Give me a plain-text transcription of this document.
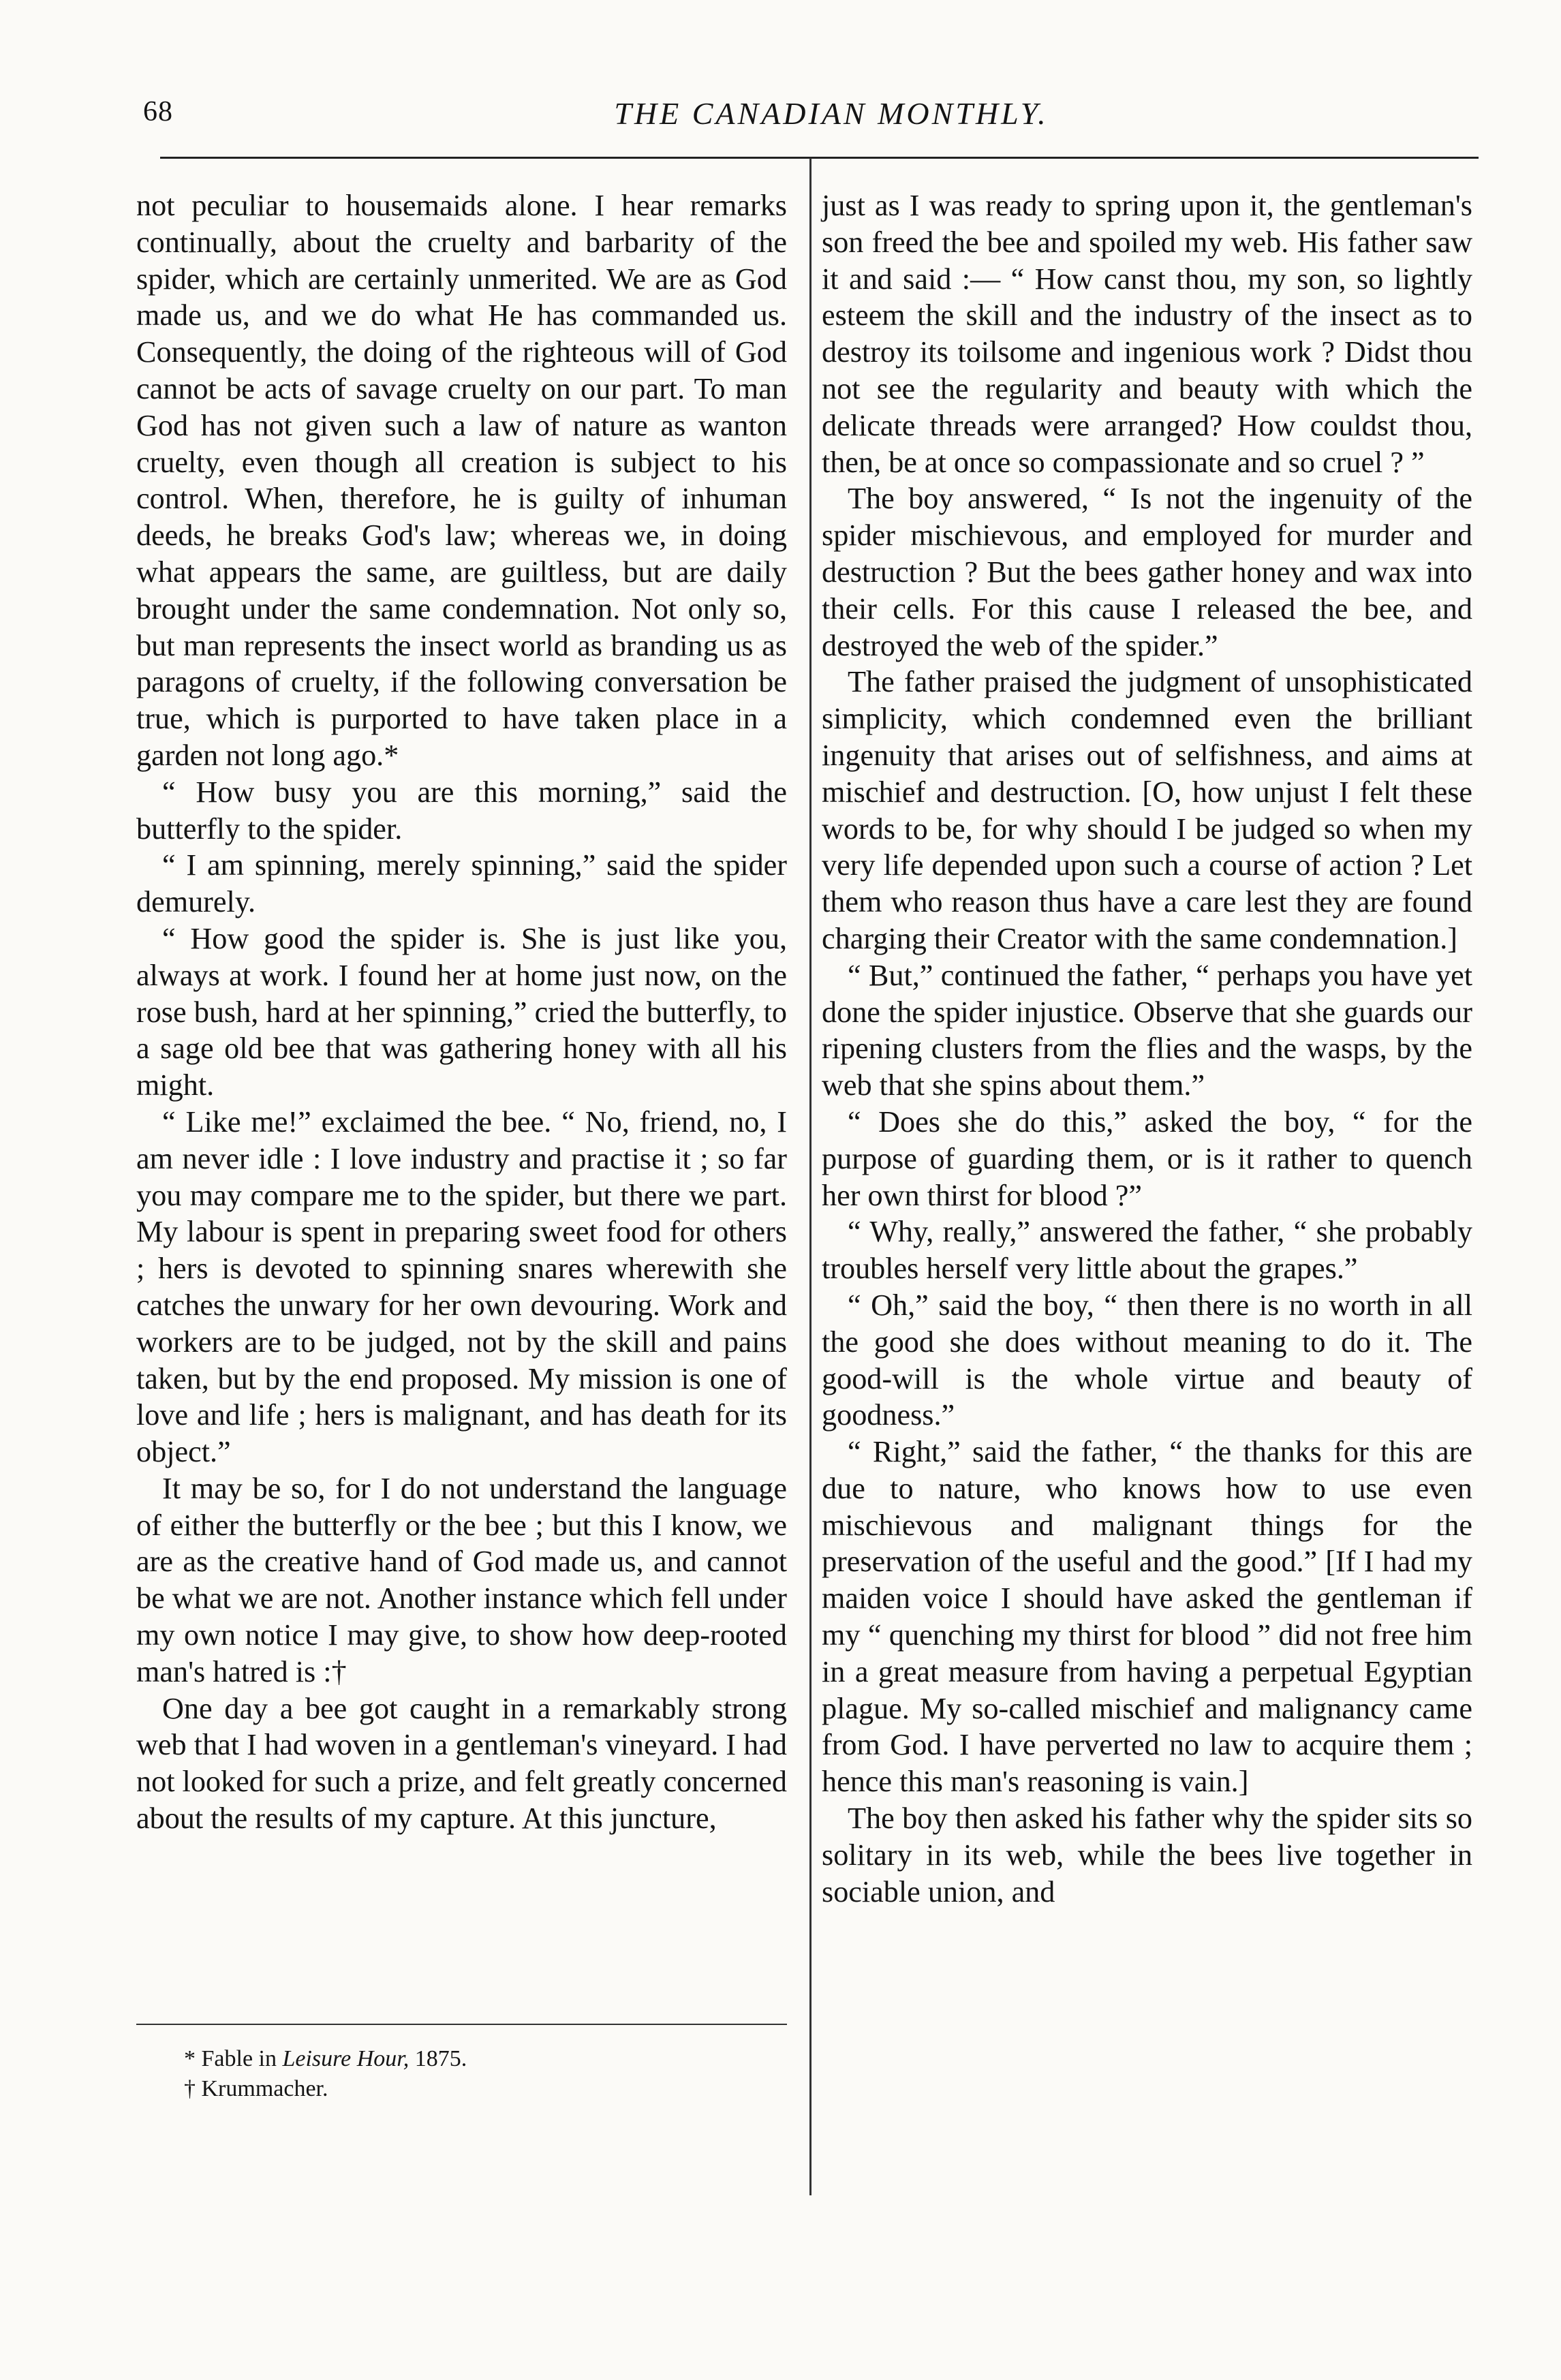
68	THE CANADIAN MONTHLY.

not peculiar to housemaids alone. I hear remarks continually, about the cruelty and barbarity of the spider, which are certainly unmerited. We are as God made us, and we do what He has commanded us. Consequently, the doing of the righteous will of God cannot be acts of savage cruelty on our part. To man God has not given such a law of nature as wanton cruelty, even though all creation is subject to his control. When, therefore, he is guilty of inhuman deeds, he breaks God's law; whereas we, in doing what appears the same, are guiltless, but are daily brought under the same condemnation. Not only so, but man represents the insect world as branding us as paragons of cruelty, if the following conversation be true, which is purported to have taken place in a garden not long ago.*

“ How busy you are this morning,” said the butterfly to the spider.

“ I am spinning, merely spinning,” said the spider demurely.

“ How good the spider is. She is just like you, always at work. I found her at home just now, on the rose bush, hard at her spinning,” cried the butterfly, to a sage old bee that was gathering honey with all his might.

“ Like me!” exclaimed the bee. “ No, friend, no, I am never idle : I love industry and practise it ; so far you may compare me to the spider, but there we part. My labour is spent in preparing sweet food for others ; hers is devoted to spinning snares wherewith she catches the unwary for her own devouring. Work and workers are to be judged, not by the skill and pains taken, but by the end proposed. My mission is one of love and life ; hers is malignant, and has death for its object.”

It may be so, for I do not understand the language of either the butterfly or the bee ; but this I know, we are as the creative hand of God made us, and cannot be what we are not. Another instance which fell under my own notice I may give, to show how deep-rooted man's hatred is :†

One day a bee got caught in a remarkably strong web that I had woven in a gentleman's vineyard. I had not looked for such a prize, and felt greatly concerned about the results of my capture. At this juncture,

just as I was ready to spring upon it, the gentleman's son freed the bee and spoiled my web. His father saw it and said :— “ How canst thou, my son, so lightly esteem the skill and the industry of the insect as to destroy its toilsome and ingenious work ? Didst thou not see the regularity and beauty with which the delicate threads were arranged? How couldst thou, then, be at once so compassionate and so cruel ? ”

The boy answered, “ Is not the ingenuity of the spider mischievous, and employed for murder and destruction ? But the bees gather honey and wax into their cells. For this cause I released the bee, and destroyed the web of the spider.”

The father praised the judgment of unsophisticated simplicity, which condemned even the brilliant ingenuity that arises out of selfishness, and aims at mischief and destruction. [O, how unjust I felt these words to be, for why should I be judged so when my very life depended upon such a course of action ? Let them who reason thus have a care lest they are found charging their Creator with the same condemnation.]

“ But,” continued the father, “ perhaps you have yet done the spider injustice. Observe that she guards our ripening clusters from the flies and the wasps, by the web that she spins about them.”

“ Does she do this,” asked the boy, “ for the purpose of guarding them, or is it rather to quench her own thirst for blood ?”

“ Why, really,” answered the father, “ she probably troubles herself very little about the grapes.”

“ Oh,” said the boy, “ then there is no worth in all the good she does without meaning to do it. The good-will is the whole virtue and beauty of goodness.”

“ Right,” said the father, “ the thanks for this are due to nature, who knows how to use even mischievous and malignant things for the preservation of the useful and the good.” [If I had my maiden voice I should have asked the gentleman if my “ quenching my thirst for blood ” did not free him in a great measure from having a perpetual Egyptian plague. My so-called mischief and malignancy came from God. I have perverted no law to acquire them ; hence this man's reasoning is vain.]

The boy then asked his father why the spider sits so solitary in its web, while the bees live together in sociable union, and

* Fable in Leisure Hour, 1875.
† Krummacher.
